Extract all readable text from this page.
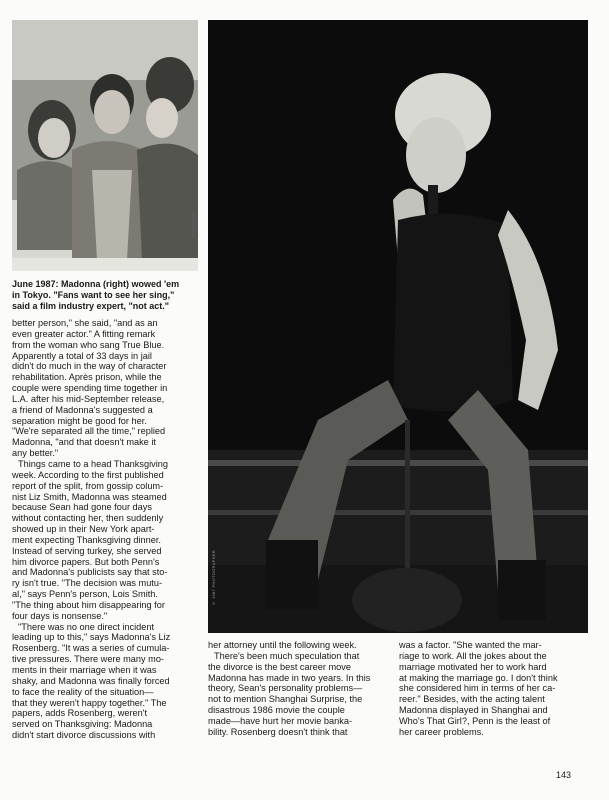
PHOTOFEST
© 1987 PHOTOGRAPHER
June 1987: Madonna (right) wowed 'em
in Tokyo. "Fans want to see her sing,"
said a film industry expert, "not act."
better person," she said, "and as an
even greater actor." A fitting remark
from the woman who sang True Blue.
Apparently a total of 33 days in jail
didn't do much in the way of character
rehabilitation. Après prison, while the
couple were spending time together in
L.A. after his mid-September release,
a friend of Madonna's suggested a
separation might be good for her.
"We're separated all the time," replied
Madonna, "and that doesn't make it
any better."
Things came to a head Thanksgiving
week. According to the first published
report of the split, from gossip colum-
nist Liz Smith, Madonna was steamed
because Sean had gone four days
without contacting her, then suddenly
showed up in their New York apart-
ment expecting Thanksgiving dinner.
Instead of serving turkey, she served
him divorce papers. But both Penn's
and Madonna's publicists say that sto-
ry isn't true. "The decision was mutu-
al," says Penn's person, Lois Smith.
"The thing about him disappearing for
four days is nonsense."
"There was no one direct incident
leading up to this," says Madonna's Liz
Rosenberg. "It was a series of cumula-
tive pressures. There were many mo-
ments in their marriage when it was
shaky, and Madonna was finally forced
to face the reality of the situation—
that they weren't happy together." The
papers, adds Rosenberg, weren't
served on Thanksgiving: Madonna
didn't start divorce discussions with
her attorney until the following week.
There's been much speculation that
the divorce is the best career move
Madonna has made in two years. In this
theory, Sean's personality problems—
not to mention Shanghai Surprise, the
disastrous 1986 movie the couple
made—have hurt her movie banka-
bility. Rosenberg doesn't think that
was a factor. "She wanted the mar-
riage to work. All the jokes about the
marriage motivated her to work hard
at making the marriage go. I don't think
she considered him in terms of her ca-
reer." Besides, with the acting talent
Madonna displayed in Shanghai and
Who's That Girl?, Penn is the least of
her career problems.
143
